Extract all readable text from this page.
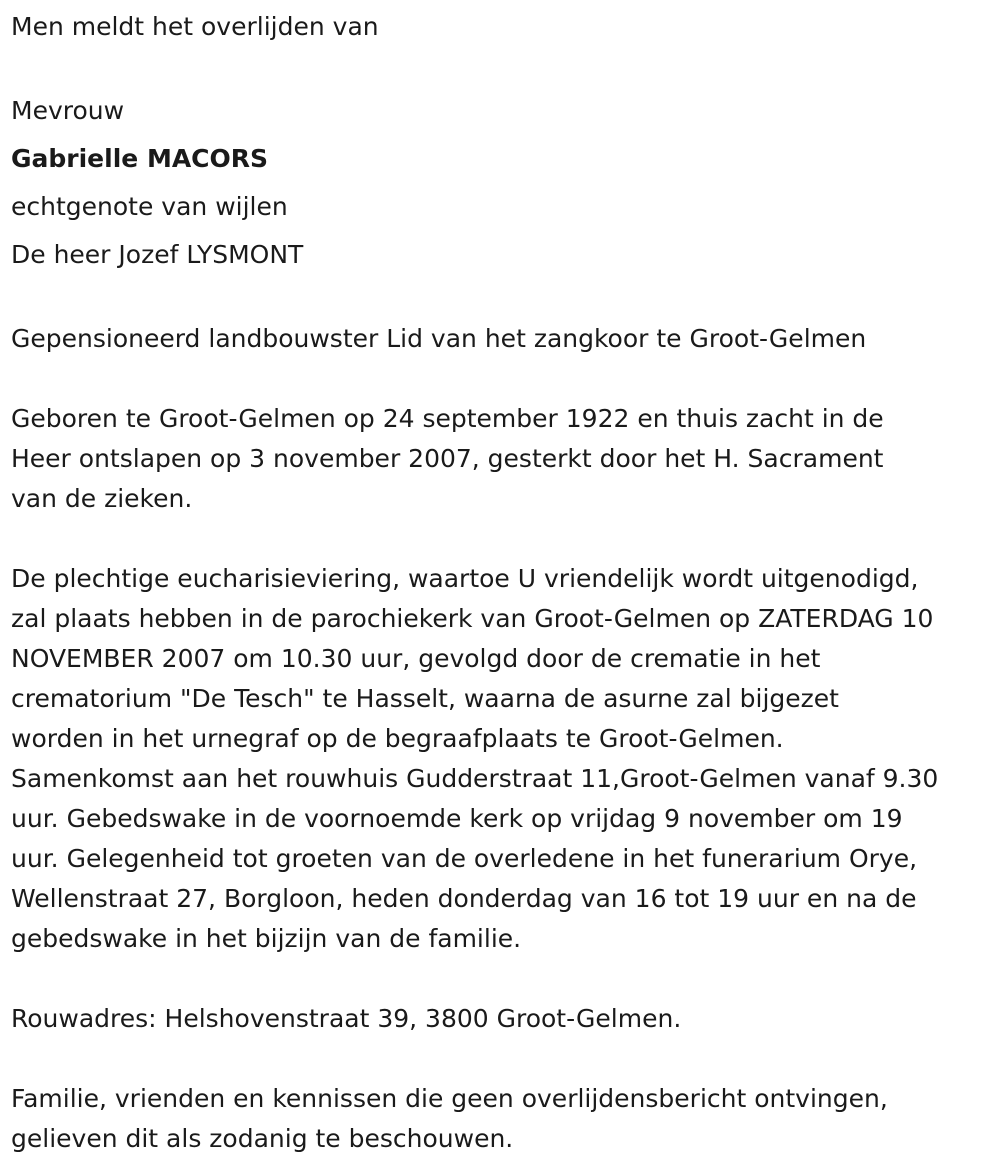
Men meldt het overlijden van
Mevrouw
Gabrielle MACORS
echtgenote van wijlen
De heer Jozef LYSMONT
Gepensioneerd landbouwster Lid van het zangkoor te Groot-Gelmen
Geboren te Groot-Gelmen op 24 september 1922 en thuis zacht in de
Heer ontslapen op 3 november 2007, gesterkt door het H. Sacrament
van de zieken.
De plechtige eucharisieviering, waartoe U vriendelijk wordt uitgenodigd,
zal plaats hebben in de parochiekerk van Groot-Gelmen op ZATERDAG 10
NOVEMBER 2007 om 10.30 uur, gevolgd door de crematie in het
crematorium "De Tesch" te Hasselt, waarna de asurne zal bijgezet
worden in het urnegraf op de begraafplaats te Groot-Gelmen.
Samenkomst aan het rouwhuis Gudderstraat 11,Groot-Gelmen vanaf 9.30
uur. Gebedswake in de voornoemde kerk op vrijdag 9 november om 19
uur. Gelegenheid tot groeten van de overledene in het funerarium Orye,
Wellenstraat 27, Borgloon, heden donderdag van 16 tot 19 uur en na de
gebedswake in het bijzijn van de familie.
Rouwadres: Helshovenstraat 39, 3800 Groot-Gelmen.
Familie, vrienden en kennissen die geen overlijdensbericht ontvingen,
gelieven dit als zodanig te beschouwen.
